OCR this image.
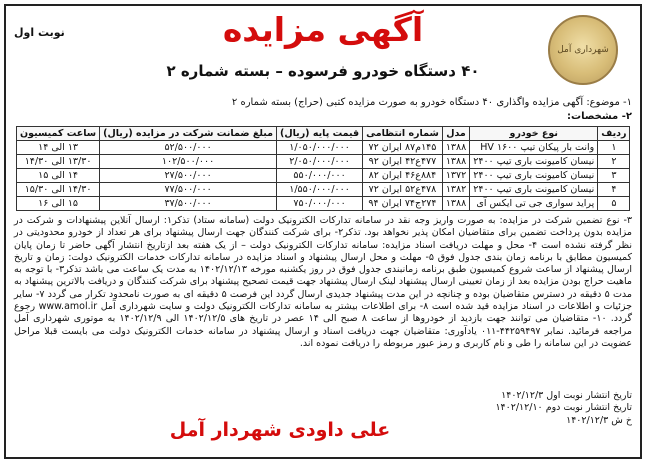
نوبت اول	آگهی مزایده
۴۰ دستگاه خودرو فرسوده – بسته شماره ۲
شهرداری آمل
۱- موضوع: آگهی مزایده واگذاری ۴۰ دستگاه خودرو به صورت مزایده کتبی (حراج) بسته شماره ۲
۲- مشخصات:
ردیف	نوع خودرو	مدل	شماره انتظامی	قیمت پایه (ریال)	مبلغ ضمانت شرکت در مزایده (ریال)	ساعت کمیسیون
۱	وانت بار پیکان تیپ ۱۶۰۰ HV	۱۳۸۸	۱۴۵م۸۷ ایران ۷۲	۱/۰۵۰/۰۰۰/۰۰۰	۵۲/۵۰۰/۰۰۰	۱۳ الی ۱۴
۲	نیسان کامیونت باری تیپ ۲۴۰۰	۱۳۸۸	۴۷۷ع۴۲ ایران ۹۲	۲/۰۵۰/۰۰۰/۰۰۰	۱۰۲/۵۰۰/۰۰۰	۱۳/۳۰ الی ۱۴/۳۰
۳	نیسان کامیونت باری تیپ ۲۴۰۰	۱۳۷۲	۸۸۴ع۴۶ ایران ۸۲	۵۵۰/۰۰۰/۰۰۰	۲۷/۵۰۰/۰۰۰	۱۴ الی ۱۵
۴	نیسان کامیونت باری تیپ ۲۴۰۰	۱۳۸۲	۴۷۸ع۵۲ ایران ۷۲	۱/۵۵۰/۰۰۰/۰۰۰	۷۷/۵۰۰/۰۰۰	۱۴/۳۰ الی ۱۵/۳۰
۵	پراید سواری جی تی ایکس آی	۱۳۸۸	۲۷۴ج۷۴ ایران ۹۴	۷۵۰/۰۰۰/۰۰۰	۳۷/۵۰۰/۰۰۰	۱۵ الی ۱۶

۳- نوع تضمین شرکت در مزایده: به صورت واریز وجه نقد در سامانه تدارکات الکترونیک دولت (سامانه ستاد) تذکر۱: ارسال آنلاین پیشنهادات و شرکت در مزایده بدون پرداخت تضمین برای متقاضیان امکان پذیر نخواهد بود. تذکر۲- برای شرکت کنندگان جهت ارسال پیشنهاد برای هر تعداد از خودرو محدودیتی در نظر گرفته نشده است ۴- محل و مهلت دریافت اسناد مزایده: سامانه تدارکات الکترونیک دولت – از یک هفته بعد ازتاریخ انتشار آگهی حاضر تا زمان پایان کمیسیون مطابق با برنامه زمان بندی جدول فوق ۵- مهلت و محل ارسال پیشنهاد و اسناد مزایده در سامانه تدارکات خدمات الکترونیک دولت: زمان و تاریخ ارسال پیشنهاد از ساعت شروع کمیسیون طبق برنامه زمانبندی جدول فوق در روز یکشنبه مورخه ۱۴۰۲/۱۲/۱۳ به مدت یک ساعت می باشد تذکر۳- با توجه به ماهیت حراج بودن مزایده بعد از زمان تعیینی ارسال پیشنهاد لینک ارسال پیشنهاد جهت قیمت تصحیح پیشنهاد برای شرکت کنندگان و دریافت بالاترین پیشنهاد به مدت ۵ دقیقه در دسترس متقاضیان بوده و چنانچه در این مدت پیشنهاد جدیدی ارسال گردد این فرصت ۵ دقیقه ای به صورت نامحدود تکرار می گردد ۷- سایر جزئیات و اطلاعات در اسناد مزایده قید شده است ۸- برای اطلاعات بیشتر به سامانه تدارکات الکترونیک دولت و سایت شهرداری آمل www.amol.ir رجوع گردد. ۱۰- متقاضیان می توانند جهت بازدید از خودروها از ساعت ۸ صبح الی ۱۴ عصر در تاریخ های ۱۴۰۲/۱۲/۵ الی ۱۴۰۲/۱۲/۹ به موتوری شهرداری آمل مراجعه فرمائید. نمابر ۴۴۲۵۹۴۹۷-۰۱۱ یادآوری: متقاضیان جهت دریافت اسناد و ارسال پیشنهاد در سامانه خدمات الکترونیک دولت می بایست قبلا مراحل عضویت در این سامانه را طی و نام کاربری و رمز عبور مربوطه را دریافت نموده اند.

تاریخ انتشار نوبت اول ۱۴۰۲/۱۲/۳
تاریخ انتشار نوبت دوم ۱۴۰۲/۱۲/۱۰
خ ش ۱۴۰۲/۱۲/۳
علی داودی شهردار آمل
